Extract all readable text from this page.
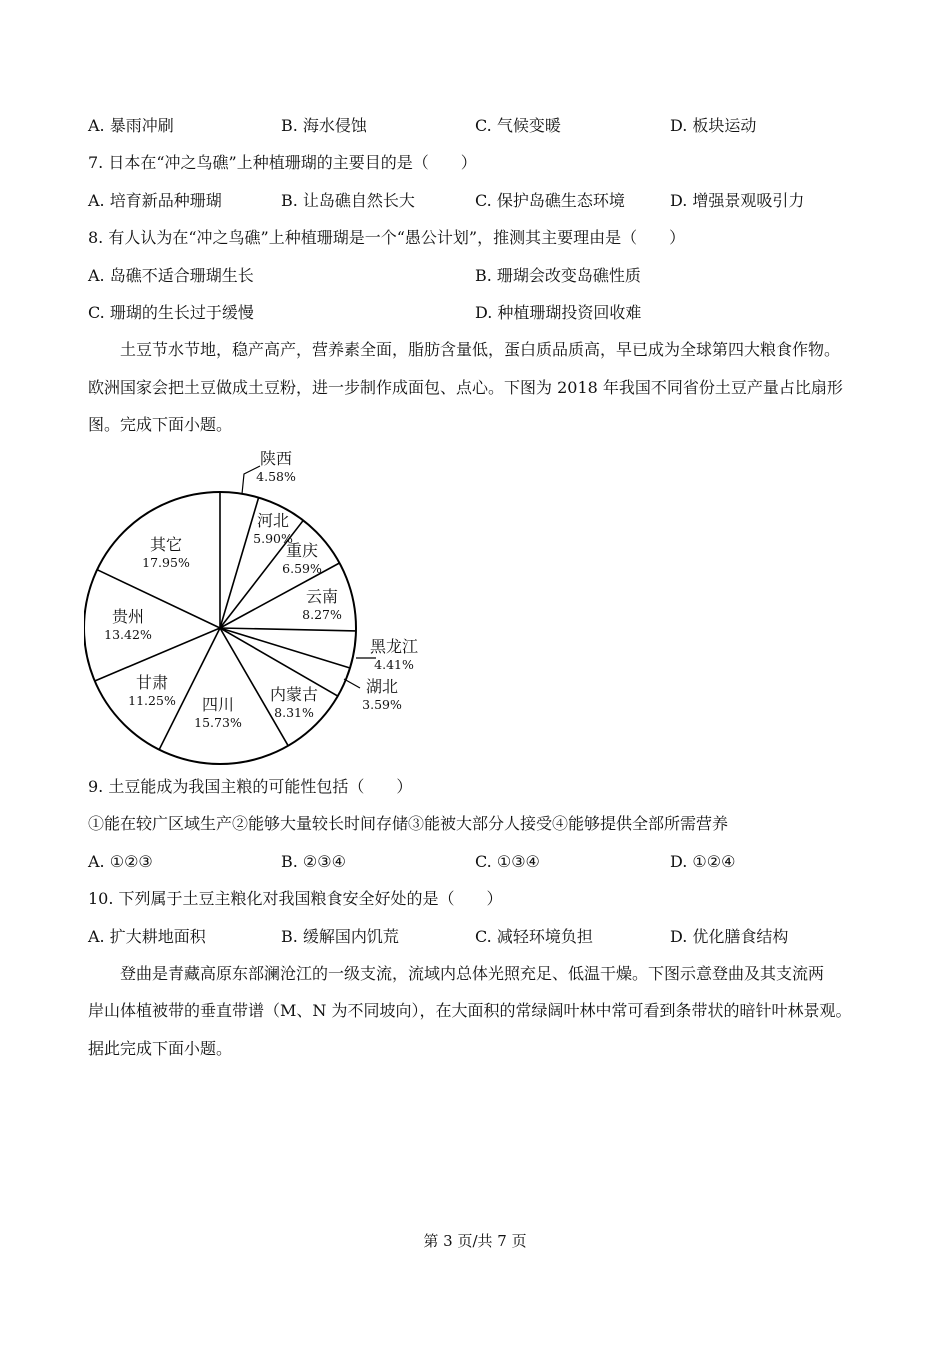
A. 暴雨冲刷	B. 海水侵蚀	C. 气候变暖	D. 板块运动
7. 日本在“冲之鸟礁”上种植珊瑚的主要目的是（　　）
A. 培育新品种珊瑚	B. 让岛礁自然长大	C. 保护岛礁生态环境	D. 增强景观吸引力
8. 有人认为在“冲之鸟礁”上种植珊瑚是一个“愚公计划”，推测其主要理由是（　　）
A. 岛礁不适合珊瑚生长	B. 珊瑚会改变岛礁性质
C. 珊瑚的生长过于缓慢	D. 种植珊瑚投资回收难
土豆节水节地，稳产高产，营养素全面，脂肪含量低，蛋白质品质高，早已成为全球第四大粮食作物。
欧洲国家会把土豆做成土豆粉，进一步制作成面包、点心。下图为 2018 年我国不同省份土豆产量占比扇形
图。完成下面小题。
陕西
4.58%
河北
5.90%
重庆
6.59%
云南
8.27%
黑龙江
4.41%
湖北
3.59%
内蒙古
8.31%
四川
15.73%
甘肃
11.25%
贵州
13.42%
其它
17.95%
9. 土豆能成为我国主粮的可能性包括（　　）
①能在较广区域生产②能够大量较长时间存储③能被大部分人接受④能够提供全部所需营养
A. ①②③	B. ②③④	C. ①③④	D. ①②④
10. 下列属于土豆主粮化对我国粮食安全好处的是（　　）
A. 扩大耕地面积	B. 缓解国内饥荒	C. 减轻环境负担	D. 优化膳食结构
登曲是青藏高原东部澜沧江的一级支流，流域内总体光照充足、低温干燥。下图示意登曲及其支流两
岸山体植被带的垂直带谱（M、N 为不同坡向），在大面积的常绿阔叶林中常可看到条带状的暗针叶林景观。
据此完成下面小题。
第 3 页/共 7 页
